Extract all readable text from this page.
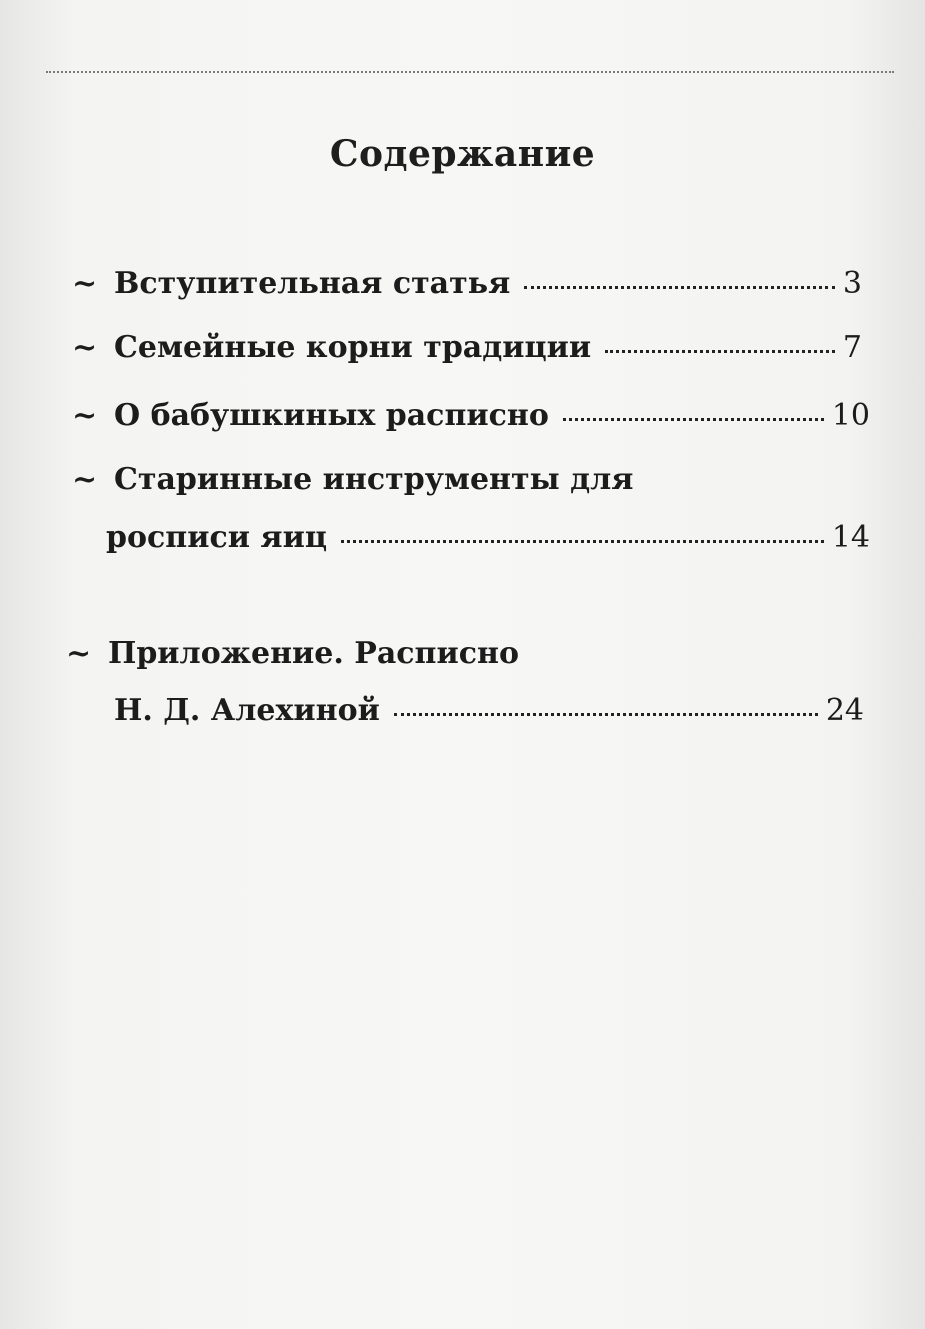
Содержание
~ Вступительная статья	3
~ Семейные корни традиции	7
~ О бабушкиных расписно	10
~ Старинные инструменты для
росписи яиц	14
~ Приложение. Расписно
Н. Д. Алехиной	24
